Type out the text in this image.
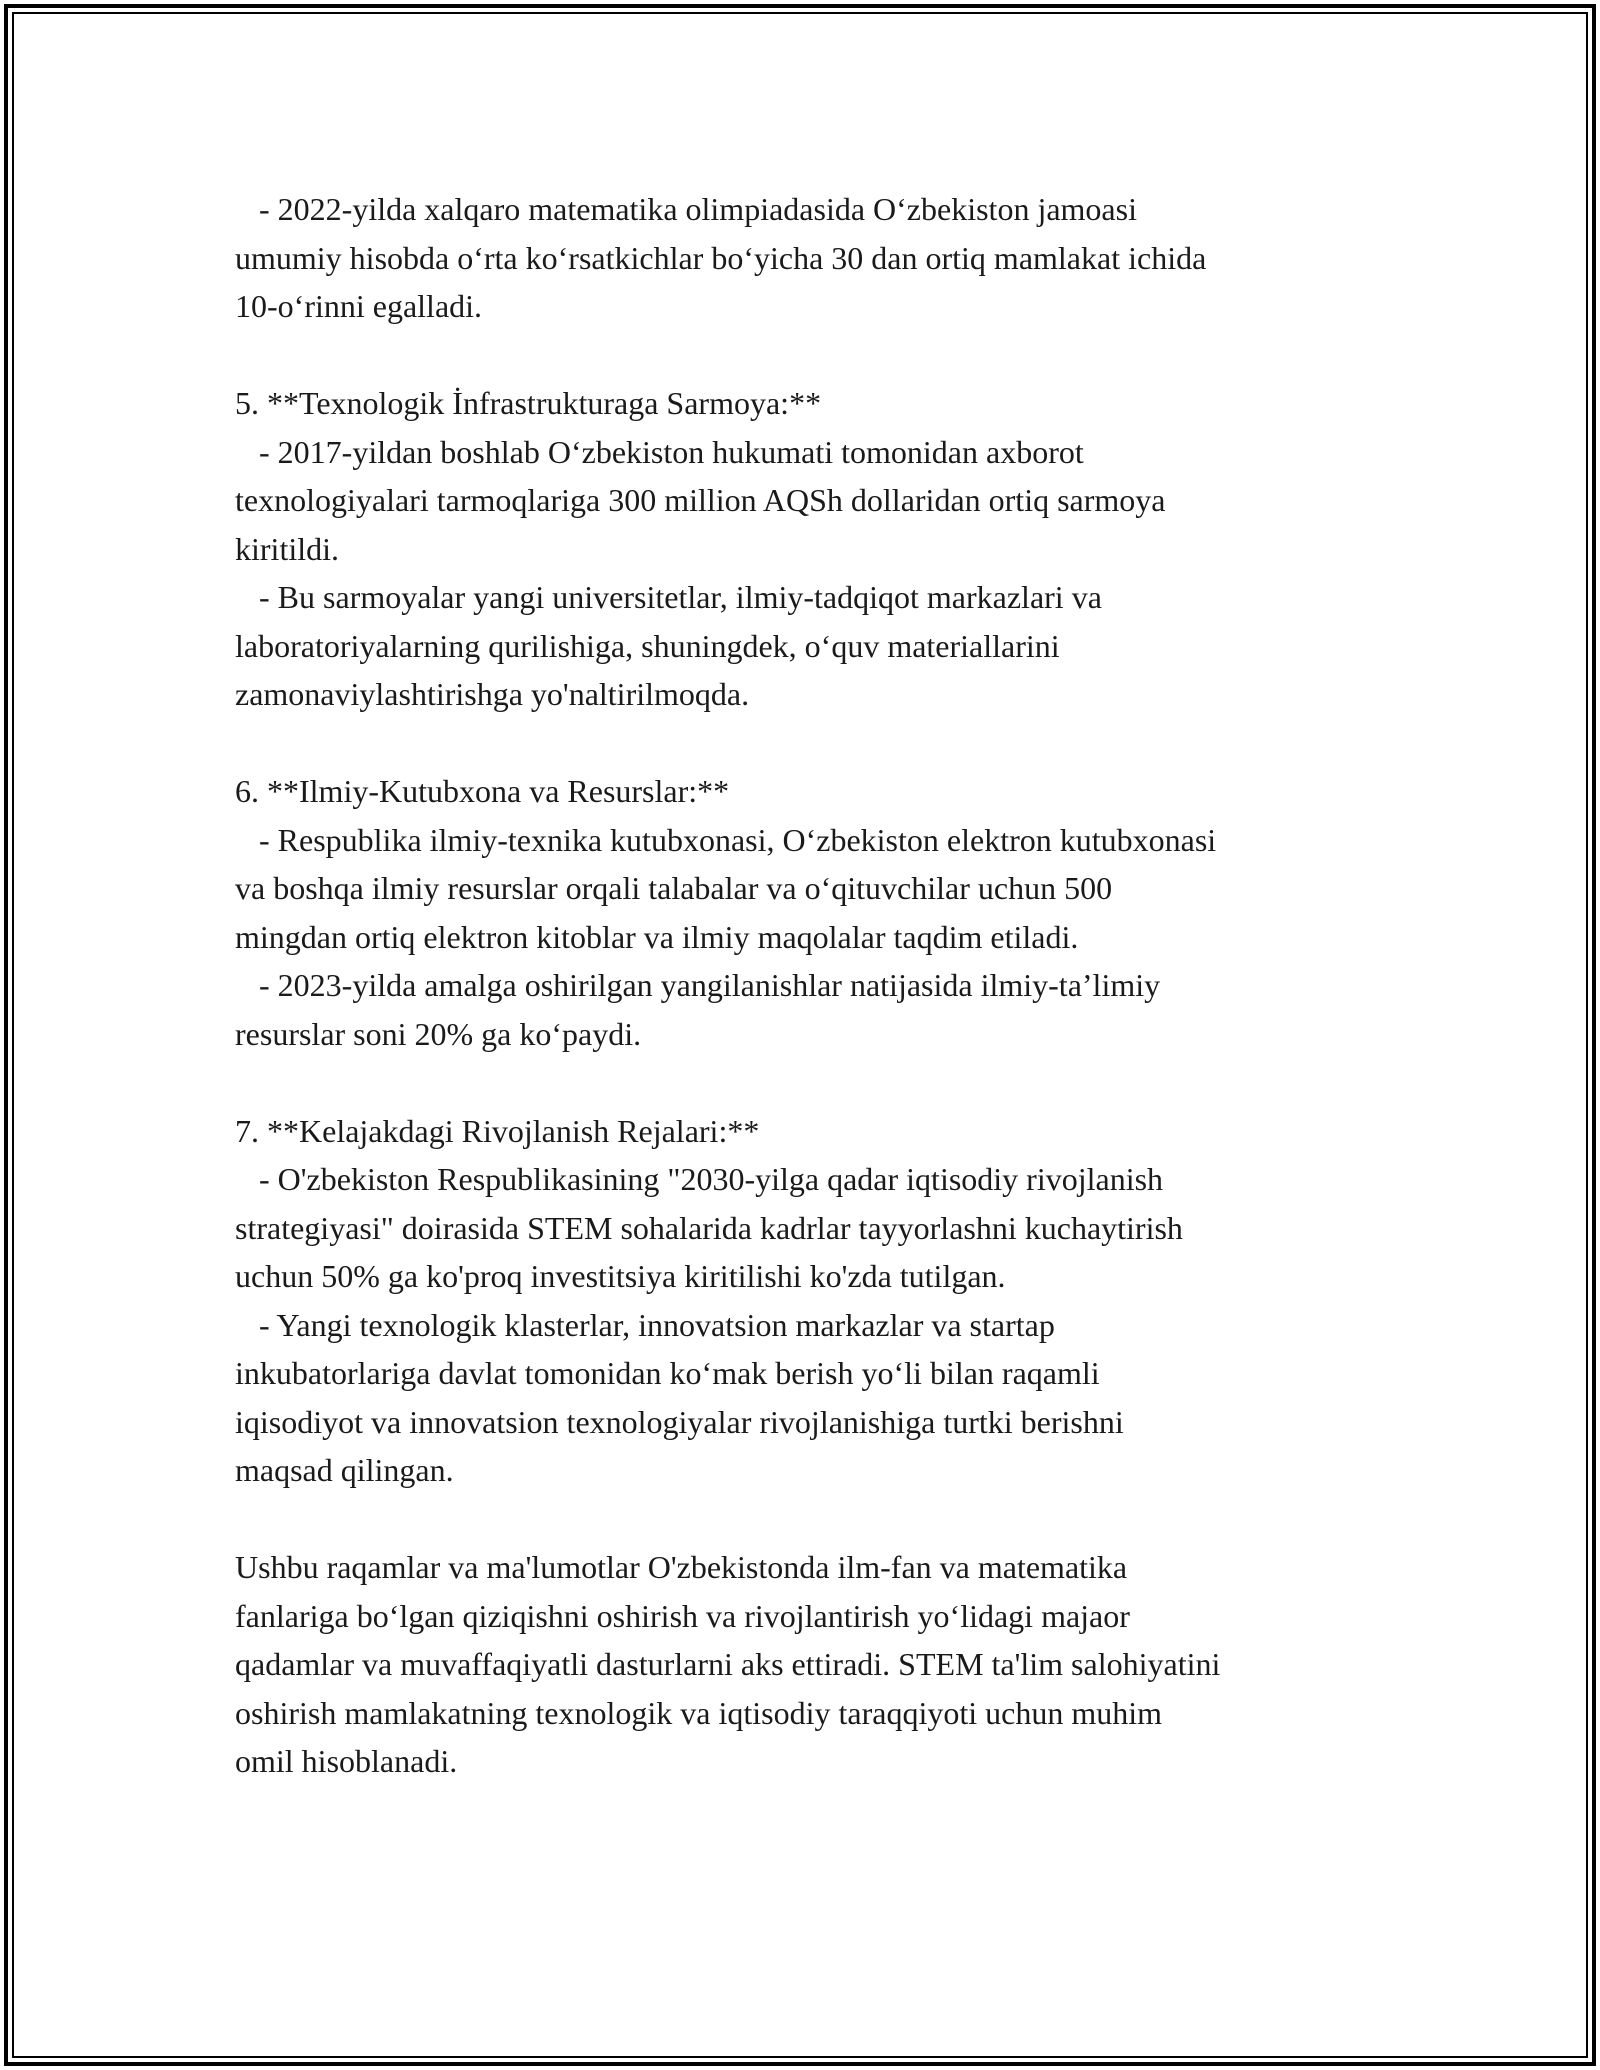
- 2022-yilda xalqaro matematika olimpiadasida O‘zbekiston jamoasi
umumiy hisobda o‘rta ko‘rsatkichlar bo‘yicha 30 dan ortiq mamlakat ichida
10-o‘rinni egalladi.
5. **Texnologik İnfrastrukturaga Sarmoya:**
- 2017-yildan boshlab O‘zbekiston hukumati tomonidan axborot
texnologiyalari tarmoqlariga 300 million AQSh dollaridan ortiq sarmoya
kiritildi.
- Bu sarmoyalar yangi universitetlar, ilmiy-tadqiqot markazlari va
laboratoriyalarning qurilishiga, shuningdek, o‘quv materiallarini
zamonaviylashtirishga yo'naltirilmoqda.
6. **Ilmiy-Kutubxona va Resurslar:**
- Respublika ilmiy-texnika kutubxonasi, O‘zbekiston elektron kutubxonasi
va boshqa ilmiy resurslar orqali talabalar va o‘qituvchilar uchun 500
mingdan ortiq elektron kitoblar va ilmiy maqolalar taqdim etiladi.
- 2023-yilda amalga oshirilgan yangilanishlar natijasida ilmiy-ta’limiy
resurslar soni 20% ga ko‘paydi.
7. **Kelajakdagi Rivojlanish Rejalari:**
- O'zbekiston Respublikasining "2030-yilga qadar iqtisodiy rivojlanish
strategiyasi" doirasida STEM sohalarida kadrlar tayyorlashni kuchaytirish
uchun 50% ga ko'proq investitsiya kiritilishi ko'zda tutilgan.
- Yangi texnologik klasterlar, innovatsion markazlar va startap
inkubatorlariga davlat tomonidan ko‘mak berish yo‘li bilan raqamli
iqisodiyot va innovatsion texnologiyalar rivojlanishiga turtki berishni
maqsad qilingan.
Ushbu raqamlar va ma'lumotlar O'zbekistonda ilm-fan va matematika
fanlariga bo‘lgan qiziqishni oshirish va rivojlantirish yo‘lidagi majaor
qadamlar va muvaffaqiyatli dasturlarni aks ettiradi. STEM ta'lim salohiyatini
oshirish mamlakatning texnologik va iqtisodiy taraqqiyoti uchun muhim
omil hisoblanadi.
